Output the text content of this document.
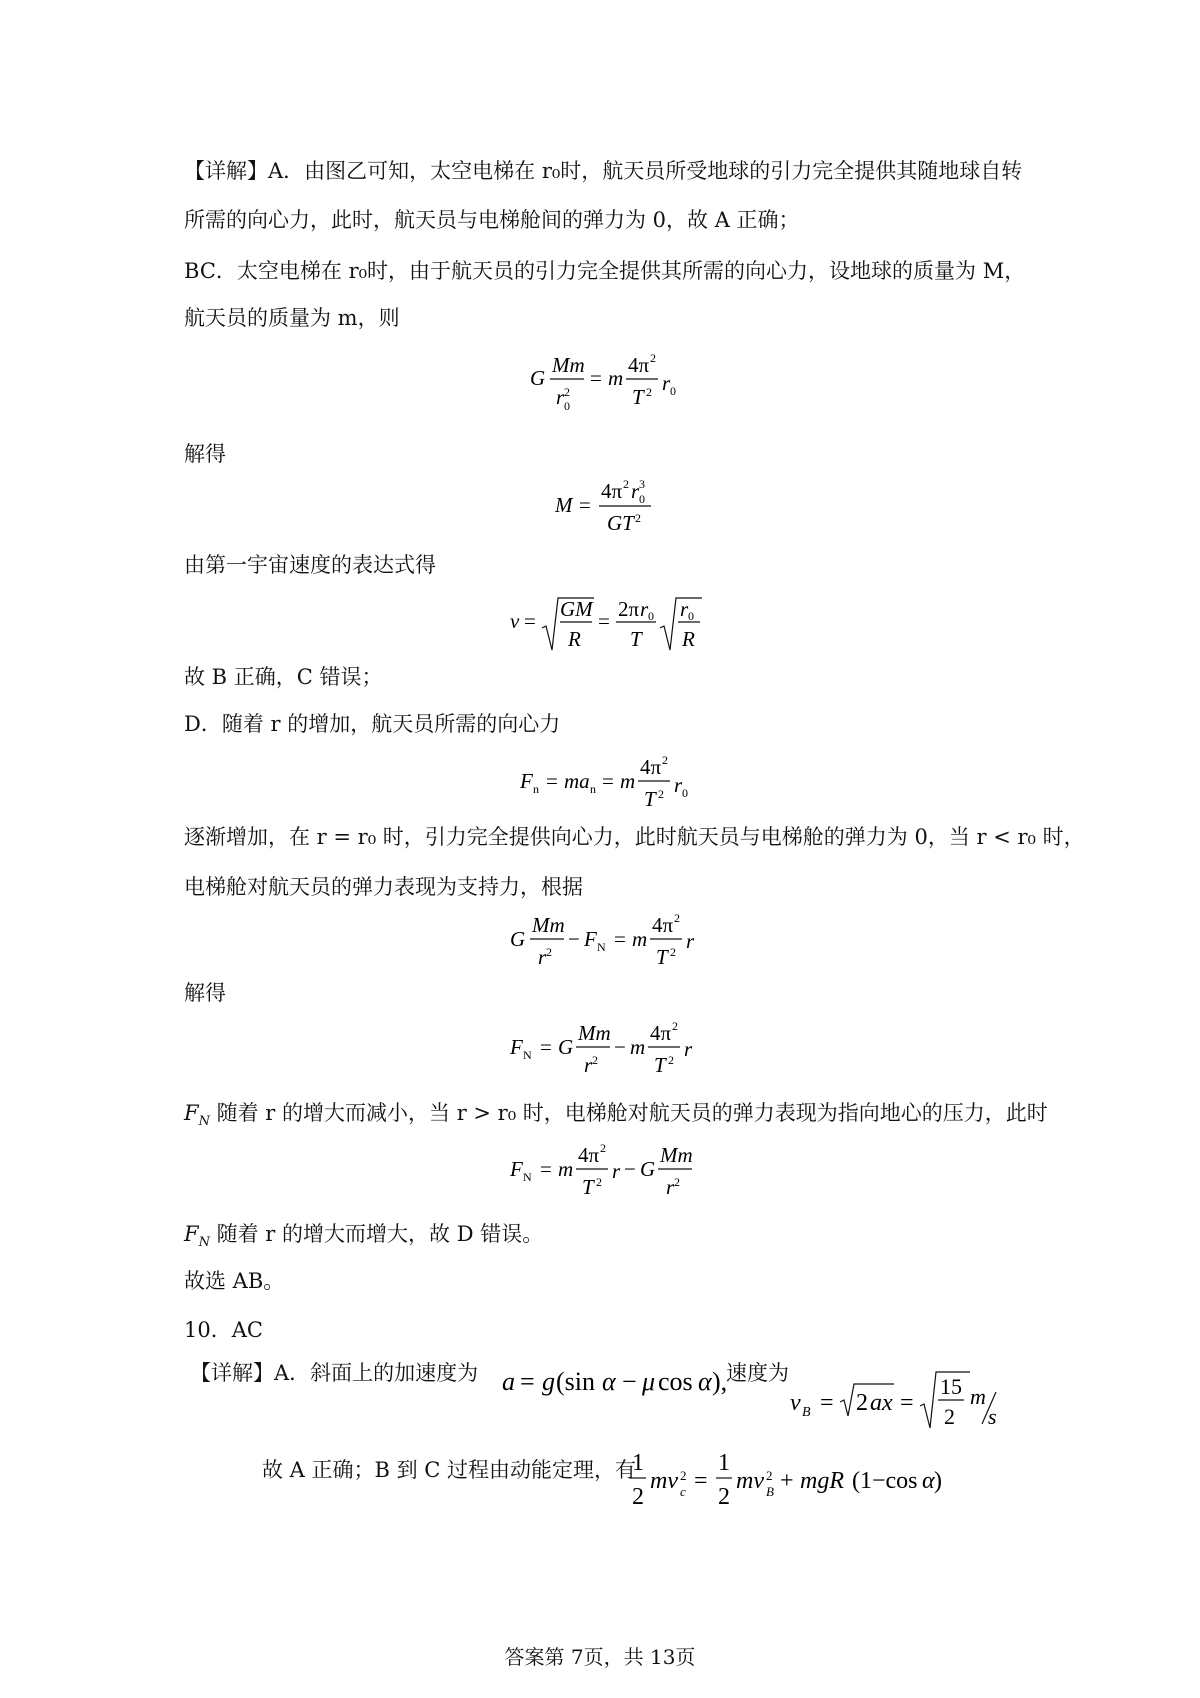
【详解】A．由图乙可知，太空电梯在 r₀时，航天员所受地球的引力完全提供其随地球自转
所需的向心力，此时，航天员与电梯舱间的弹力为 0，故 A 正确；
BC．太空电梯在 r₀时，由于航天员的引力完全提供其所需的向心力，设地球的质量为 M，
航天员的质量为 m，则
G
Mm
r 2
0
= m
4π 2
T 2 r 0
解得
M =
4π 2 r 3
0
GT 2
由第一宇宙速度的表达式得
v = GM
R
= 2π r 0
T
r 0
R
故 B 正确，C 错误；
D．随着 r 的增加，航天员所需的向心力
F n = ma n = m
4π 2
T 2 r 0
逐渐增加，在 r = r₀ 时，引力完全提供向心力，此时航天员与电梯舱的弹力为 0，当 r < r₀ 时，
电梯舱对航天员的弹力表现为支持力，根据
G
Mm
r 2
− F N = m
4π 2
T 2 r
解得
F N = G
Mm
r 2
− m
4π 2
T 2 r
$F_N$ 随着 r 的增大而减小，当 r > r₀ 时，电梯舱对航天员的弹力表现为指向地心的压力，此时
F N = m
4π 2
T 2 r − G
Mm
r 2
$F_N$ 随着 r 的增大而增大，故 D 错误。
故选 AB。
10．AC
【详解】A．斜面上的加速度为 a = g (sin α − μ cos α ),
速度为
v B = 2 ax =
15
2
m
s
故 A 正确；B 到 C 过程由动能定理，有
1
2
mv 2
c =
1
2
mv 2
B + mgR (1−cos α )
答案第 7页，共 13页
